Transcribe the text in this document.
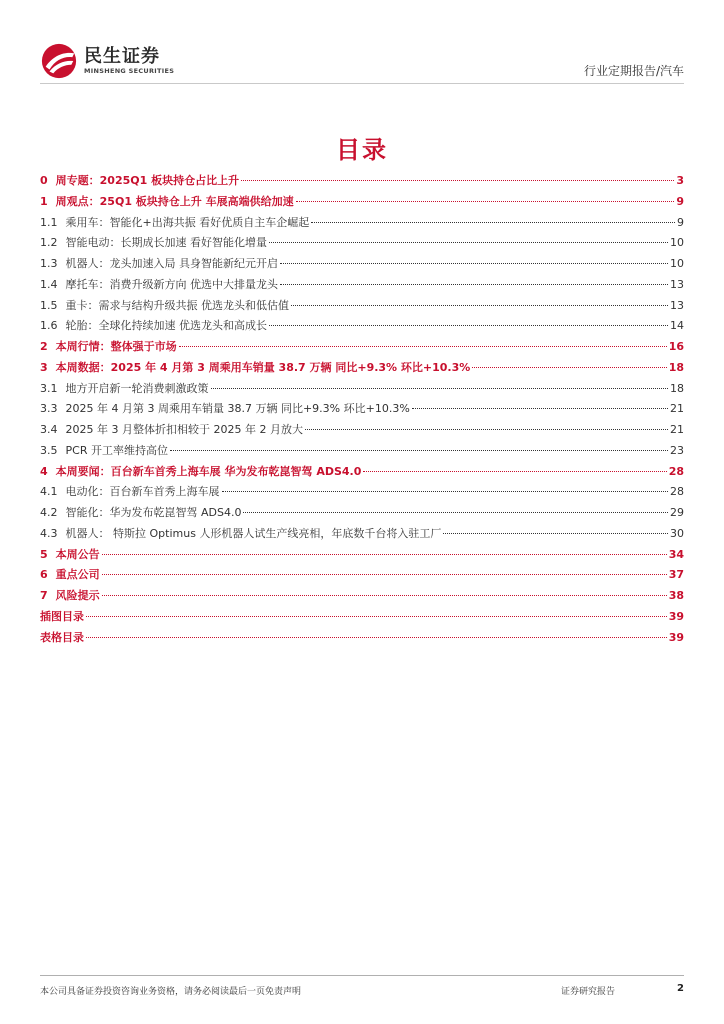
民生证券
MINSHENG SECURITIES	行业定期报告/汽车
目录
0 周专题：2025Q1 板块持仓占比上升	3
1 周观点：25Q1 板块持仓上升 车展高端供给加速	9
1.1 乘用车：智能化+出海共振 看好优质自主车企崛起	9
1.2 智能电动：长期成长加速 看好智能化增量	10
1.3 机器人：龙头加速入局 具身智能新纪元开启	10
1.4 摩托车：消费升级新方向 优选中大排量龙头	13
1.5 重卡：需求与结构升级共振 优选龙头和低估值	13
1.6 轮胎：全球化持续加速 优选龙头和高成长	14
2 本周行情：整体强于市场	16
3 本周数据：2025 年 4 月第 3 周乘用车销量 38.7 万辆 同比+9.3% 环比+10.3%	18
3.1 地方开启新一轮消费刺激政策	18
3.3 2025 年 4 月第 3 周乘用车销量 38.7 万辆 同比+9.3% 环比+10.3%	21
3.4 2025 年 3 月整体折扣相较于 2025 年 2 月放大	21
3.5 PCR 开工率维持高位	23
4 本周要闻：百台新车首秀上海车展 华为发布乾崑智驾 ADS4.0	28
4.1 电动化：百台新车首秀上海车展	28
4.2 智能化：华为发布乾崑智驾 ADS4.0	29
4.3 机器人： 特斯拉 Optimus 人形机器人试生产线亮相，年底数千台将入驻工厂	30
5 本周公告	34
6 重点公司	37
7 风险提示	38
插图目录	39
表格目录	39
本公司具备证券投资咨询业务资格，请务必阅读最后一页免责声明	证券研究报告	2
